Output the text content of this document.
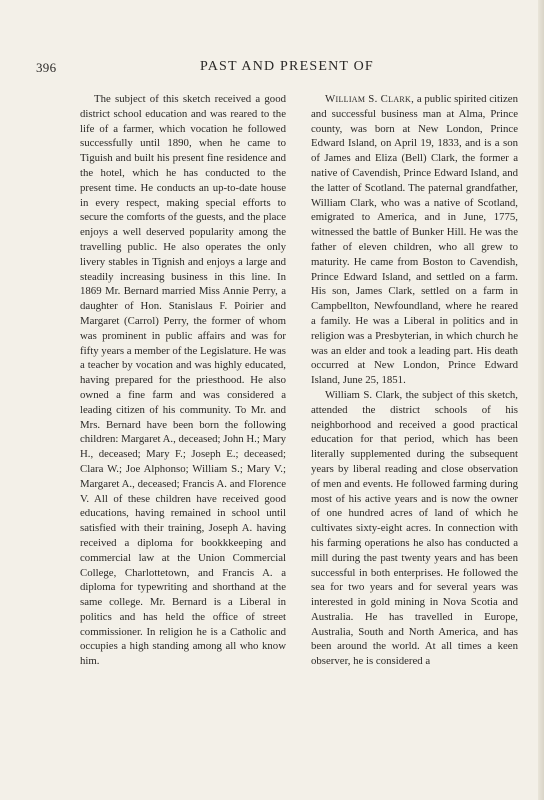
396	PAST AND PRESENT OF

The subject of this sketch received a good district school education and was reared to the life of a farmer, which vocation he followed successfully until 1890, when he came to Tiguish and built his present fine residence and the hotel, which he has conducted to the present time. He conducts an up-to-date house in every respect, making special efforts to secure the comforts of the guests, and the place enjoys a well deserved popularity among the travelling public. He also operates the only livery stables in Tignish and enjoys a large and steadily increasing business in this line. In 1869 Mr. Bernard married Miss Annie Perry, a daughter of Hon. Stanislaus F. Poirier and Margaret (Carrol) Perry, the former of whom was prominent in public affairs and was for fifty years a member of the Legislature. He was a teacher by vocation and was highly educated, having prepared for the priesthood. He also owned a fine farm and was considered a leading citizen of his community. To Mr. and Mrs. Bernard have been born the following children: Margaret A., deceased; John H.; Mary H., deceased; Mary F.; Joseph E.; deceased; Clara W.; Joe Alphonso; William S.; Mary V.; Margaret A., deceased; Francis A. and Florence V. All of these children have received good educations, having remained in school until satisfied with their training, Joseph A. having received a diploma for bookkkeeping and commercial law at the Union Commercial College, Charlottetown, and Francis A. a diploma for typewriting and shorthand at the same college. Mr. Bernard is a Liberal in politics and has held the office of street commissioner. In religion he is a Catholic and occupies a high standing among all who know him.

William S. Clark, a public spirited citizen and successful business man at Alma, Prince county, was born at New London, Prince Edward Island, on April 19, 1833, and is a son of James and Eliza (Bell) Clark, the former a native of Cavendish, Prince Edward Island, and the latter of Scotland. The paternal grandfather, William Clark, who was a native of Scotland, emigrated to America, and in June, 1775, witnessed the battle of Bunker Hill. He was the father of eleven children, who all grew to maturity. He came from Boston to Cavendish, Prince Edward Island, and settled on a farm. His son, James Clark, settled on a farm in Campbellton, Newfoundland, where he reared a family. He was a Liberal in politics and in religion was a Presbyterian, in which church he was an elder and took a leading part. His death occurred at New London, Prince Edward Island, June 25, 1851.

William S. Clark, the subject of this sketch, attended the district schools of his neighborhood and received a good practical education for that period, which has been literally supplemented during the subsequent years by liberal reading and close observation of men and events. He followed farming during most of his active years and is now the owner of one hundred acres of land of which he cultivates sixty-eight acres. In connection with his farming operations he also has conducted a mill during the past twenty years and has been successful in both enterprises. He followed the sea for two years and for several years was interested in gold mining in Nova Scotia and Australia. He has travelled in Europe, Australia, South and North America, and has been around the world. At all times a keen observer, he is considered a
